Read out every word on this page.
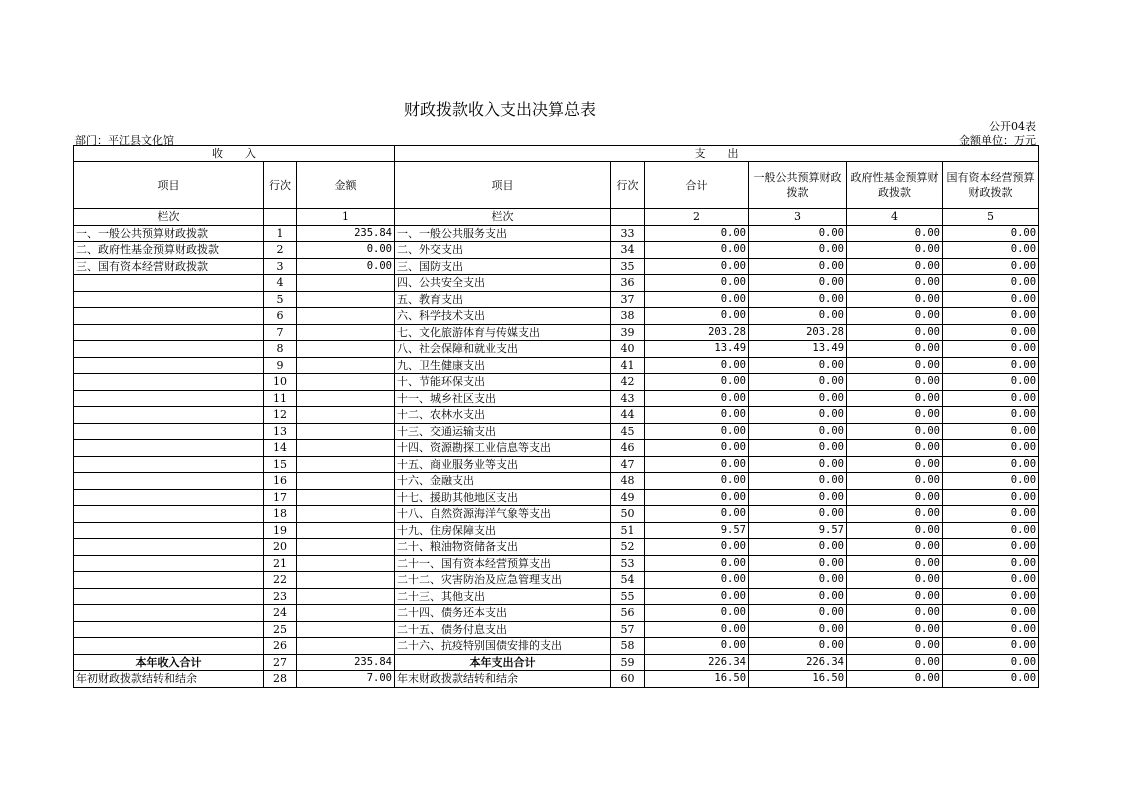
财政拨款收入支出决算总表
公开04表
部门：平江县文化馆	金额单位：万元
收　　入			支　　出					
项目	行次	金额	项目	行次	合计	一般公共预算财政拨款	政府性基金预算财政拨款	国有资本经营预算财政拨款
栏次		1	栏次		2	3	4	5
一、一般公共预算财政拨款	1	235.84	一、一般公共服务支出	33	0.00	0.00	0.00	0.00
二、政府性基金预算财政拨款	2	0.00	二、外交支出	34	0.00	0.00	0.00	0.00
三、国有资本经营财政拨款	3	0.00	三、国防支出	35	0.00	0.00	0.00	0.00
	4		四、公共安全支出	36	0.00	0.00	0.00	0.00
	5		五、教育支出	37	0.00	0.00	0.00	0.00
	6		六、科学技术支出	38	0.00	0.00	0.00	0.00
	7		七、文化旅游体育与传媒支出	39	203.28	203.28	0.00	0.00
	8		八、社会保障和就业支出	40	13.49	13.49	0.00	0.00
	9		九、卫生健康支出	41	0.00	0.00	0.00	0.00
	10		十、节能环保支出	42	0.00	0.00	0.00	0.00
	11		十一、城乡社区支出	43	0.00	0.00	0.00	0.00
	12		十二、农林水支出	44	0.00	0.00	0.00	0.00
	13		十三、交通运输支出	45	0.00	0.00	0.00	0.00
	14		十四、资源勘探工业信息等支出	46	0.00	0.00	0.00	0.00
	15		十五、商业服务业等支出	47	0.00	0.00	0.00	0.00
	16		十六、金融支出	48	0.00	0.00	0.00	0.00
	17		十七、援助其他地区支出	49	0.00	0.00	0.00	0.00
	18		十八、自然资源海洋气象等支出	50	0.00	0.00	0.00	0.00
	19		十九、住房保障支出	51	9.57	9.57	0.00	0.00
	20		二十、粮油物资储备支出	52	0.00	0.00	0.00	0.00
	21		二十一、国有资本经营预算支出	53	0.00	0.00	0.00	0.00
	22		二十二、灾害防治及应急管理支出	54	0.00	0.00	0.00	0.00
	23		二十三、其他支出	55	0.00	0.00	0.00	0.00
	24		二十四、债务还本支出	56	0.00	0.00	0.00	0.00
	25		二十五、债务付息支出	57	0.00	0.00	0.00	0.00
	26		二十六、抗疫特别国债安排的支出	58	0.00	0.00	0.00	0.00
本年收入合计	27	235.84	本年支出合计	59	226.34	226.34	0.00	0.00
年初财政拨款结转和结余	28	7.00	年末财政拨款结转和结余	60	16.50	16.50	0.00	0.00
